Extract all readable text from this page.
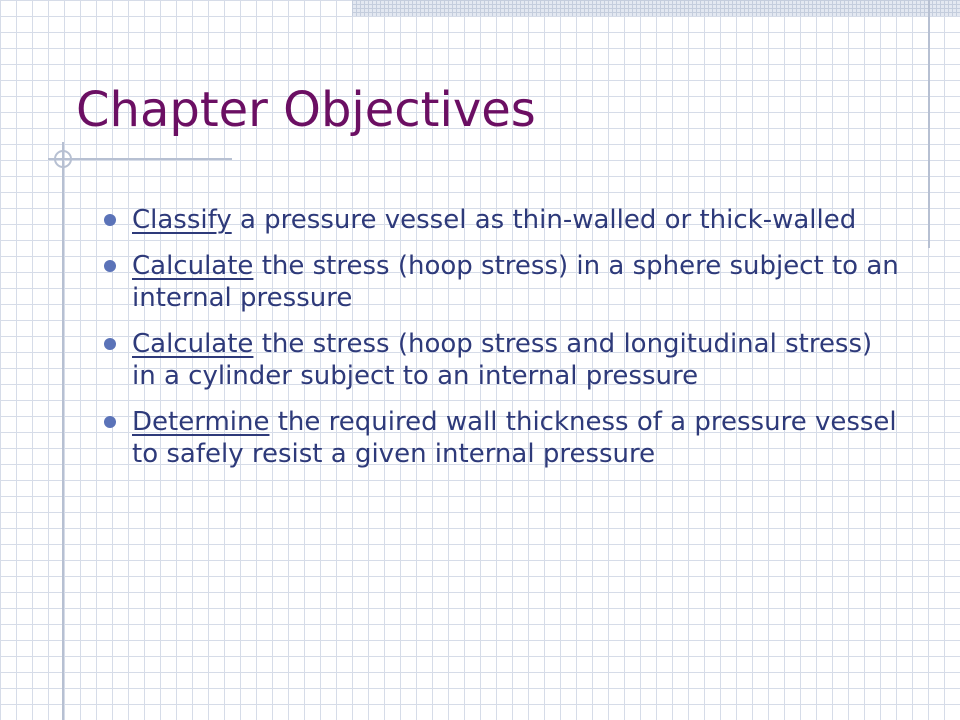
Chapter Objectives
Classify a pressure vessel as thin-walled or thick-walled
Calculate the stress (hoop stress) in a sphere subject to an internal pressure
Calculate the stress (hoop stress and longitudinal stress) in a cylinder subject to an internal pressure
Determine the required wall thickness of a pressure vessel to safely resist a given internal pressure
